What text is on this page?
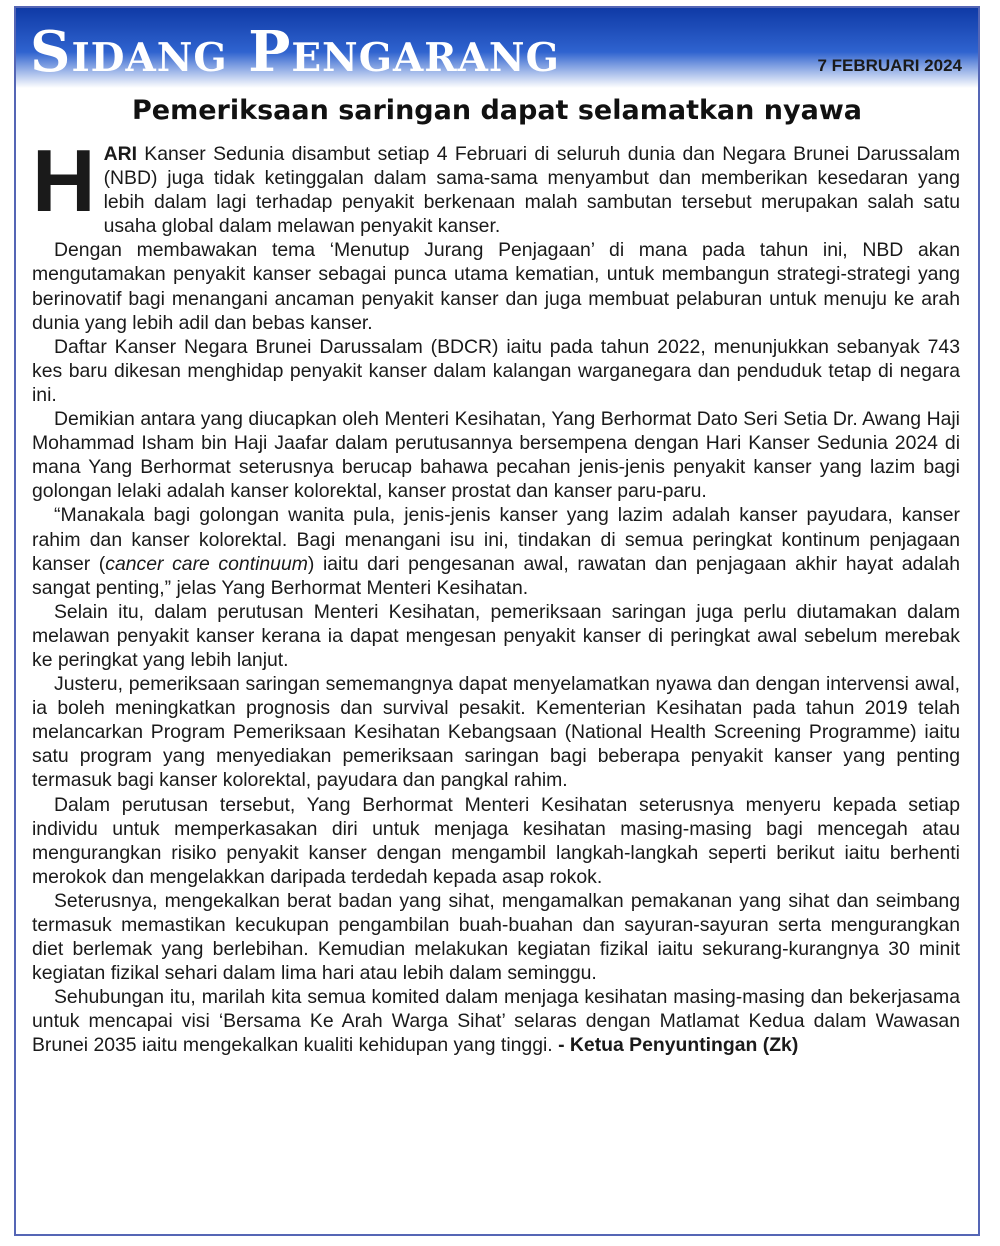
Sidang Pengarang	7 FEBRUARI 2024
Pemeriksaan saringan dapat selamatkan nyawa

HARI Kanser Sedunia disambut setiap 4 Februari di seluruh dunia dan Negara Brunei Darussalam (NBD) juga tidak ketinggalan dalam sama-sama menyambut dan memberikan kesedaran yang lebih dalam lagi terhadap penyakit berkenaan malah sambutan tersebut merupakan salah satu usaha global dalam melawan penyakit kanser.

Dengan membawakan tema ‘Menutup Jurang Penjagaan’ di mana pada tahun ini, NBD akan mengutamakan penyakit kanser sebagai punca utama kematian, untuk membangun strategi-strategi yang berinovatif bagi menangani ancaman penyakit kanser dan juga membuat pelaburan untuk menuju ke arah dunia yang lebih adil dan bebas kanser.

Daftar Kanser Negara Brunei Darussalam (BDCR) iaitu pada tahun 2022, menunjukkan sebanyak 743 kes baru dikesan menghidap penyakit kanser dalam kalangan warganegara dan penduduk tetap di negara ini.

Demikian antara yang diucapkan oleh Menteri Kesihatan, Yang Berhormat Dato Seri Setia Dr. Awang Haji Mohammad Isham bin Haji Jaafar dalam perutusannya bersempena dengan Hari Kanser Sedunia 2024 di mana Yang Berhormat seterusnya berucap bahawa pecahan jenis-jenis penyakit kanser yang lazim bagi golongan lelaki adalah kanser kolorektal, kanser prostat dan kanser paru-paru.

“Manakala bagi golongan wanita pula, jenis-jenis kanser yang lazim adalah kanser payudara, kanser rahim dan kanser kolorektal. Bagi menangani isu ini, tindakan di semua peringkat kontinum penjagaan kanser (cancer care continuum) iaitu dari pengesanan awal, rawatan dan penjagaan akhir hayat adalah sangat penting,” jelas Yang Berhormat Menteri Kesihatan.

Selain itu, dalam perutusan Menteri Kesihatan, pemeriksaan saringan juga perlu diutamakan dalam melawan penyakit kanser kerana ia dapat mengesan penyakit kanser di peringkat awal sebelum merebak ke peringkat yang lebih lanjut.

Justeru, pemeriksaan saringan sememangnya dapat menyelamatkan nyawa dan dengan intervensi awal, ia boleh meningkatkan prognosis dan survival pesakit. Kementerian Kesihatan pada tahun 2019 telah melancarkan Program Pemeriksaan Kesihatan Kebangsaan (National Health Screening Programme) iaitu satu program yang menyediakan pemeriksaan saringan bagi beberapa penyakit kanser yang penting termasuk bagi kanser kolorektal, payudara dan pangkal rahim.

Dalam perutusan tersebut, Yang Berhormat Menteri Kesihatan seterusnya menyeru kepada setiap individu untuk memperkasakan diri untuk menjaga kesihatan masing-masing bagi mencegah atau mengurangkan risiko penyakit kanser dengan mengambil langkah-langkah seperti berikut iaitu berhenti merokok dan mengelakkan daripada terdedah kepada asap rokok.

Seterusnya, mengekalkan berat badan yang sihat, mengamalkan pemakanan yang sihat dan seimbang termasuk memastikan kecukupan pengambilan buah-buahan dan sayuran-sayuran serta mengurangkan diet berlemak yang berlebihan. Kemudian melakukan kegiatan fizikal iaitu sekurang-kurangnya 30 minit kegiatan fizikal sehari dalam lima hari atau lebih dalam seminggu.

Sehubungan itu, marilah kita semua komited dalam menjaga kesihatan masing-masing dan bekerjasama untuk mencapai visi ‘Bersama Ke Arah Warga Sihat’ selaras dengan Matlamat Kedua dalam Wawasan Brunei 2035 iaitu mengekalkan kualiti kehidupan yang tinggi. - Ketua Penyuntingan (Zk)
